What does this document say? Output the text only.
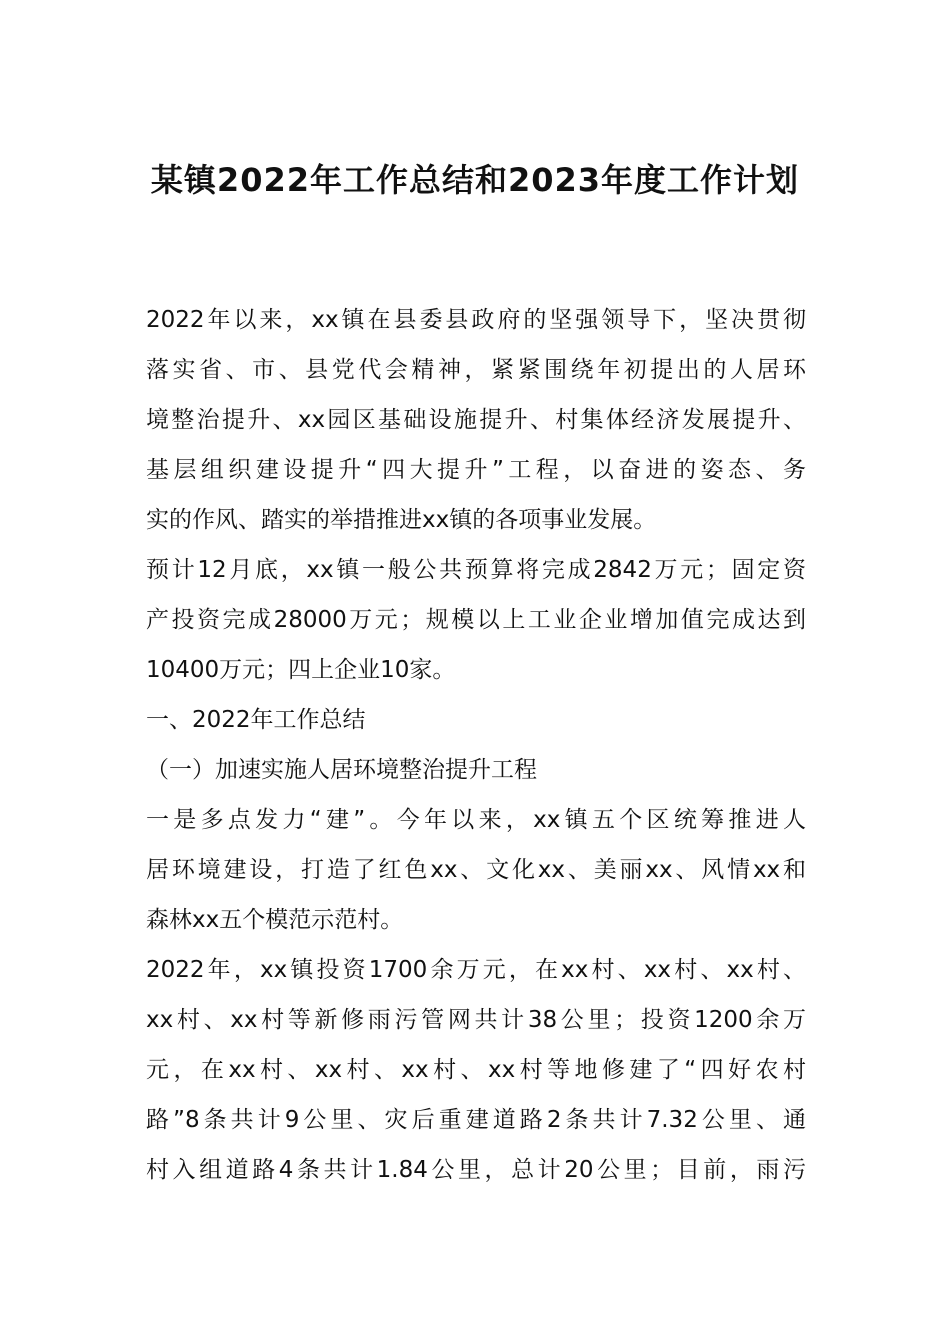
某镇2022年工作总结和2023年度工作计划
2022年以来，xx镇在县委县政府的坚强领导下，坚决贯彻
落实省、市、县党代会精神，紧紧围绕年初提出的人居环
境整治提升、xx园区基础设施提升、村集体经济发展提升、
基层组织建设提升“四大提升”工程，以奋进的姿态、务
实的作风、踏实的举措推进xx镇的各项事业发展。
预计12月底，xx镇一般公共预算将完成2842万元；固定资
产投资完成28000万元；规模以上工业企业增加值完成达到
10400万元；四上企业10家。
一、2022年工作总结
（一）加速实施人居环境整治提升工程
一是多点发力“建”。今年以来，xx镇五个区统筹推进人
居环境建设，打造了红色xx、文化xx、美丽xx、风情xx和
森林xx五个模范示范村。
2022年，xx镇投资1700余万元，在xx村、xx村、xx村、
xx村、xx村等新修雨污管网共计38公里；投资1200余万
元，在xx村、xx村、xx村、xx村等地修建了“四好农村
路”8条共计9公里、灾后重建道路2条共计7.32公里、通
村入组道路4条共计1.84公里，总计20公里；目前，雨污
